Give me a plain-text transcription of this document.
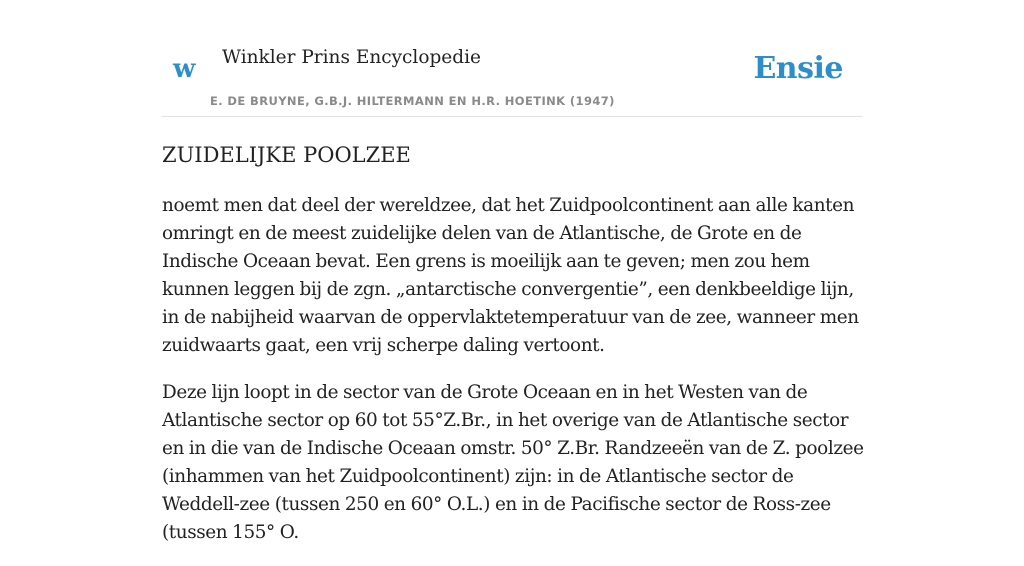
w Winkler Prins Encyclopedie
E. DE BRUYNE, G.B.J. HILTERMANN EN H.R. HOETINK (1947)
Ensie
ZUIDELIJKE POOLZEE

noemt men dat deel der wereldzee, dat het Zuidpoolcontinent aan alle kanten omringt en de meest zuidelijke delen van de Atlantische, de Grote en de Indische Oceaan bevat. Een grens is moeilijk aan te geven; men zou hem kunnen leggen bij de zgn. „antarctische convergentie”, een denkbeeldige lijn, in de nabijheid waarvan de oppervlaktetemperatuur van de zee, wanneer men zuidwaarts gaat, een vrij scherpe daling vertoont.

Deze lijn loopt in de sector van de Grote Oceaan en in het Westen van de Atlantische sector op 60 tot 55°Z.Br., in het overige van de Atlantische sector en in die van de Indische Oceaan omstr. 50° Z.Br. Randzeeën van de Z. poolzee (inhammen van het Zuidpoolcontinent) zijn: in de Atlantische sector de Weddell-zee (tussen 250 en 60° O.L.) en in de Pacifische sector de Ross-zee (tussen 155° O.
